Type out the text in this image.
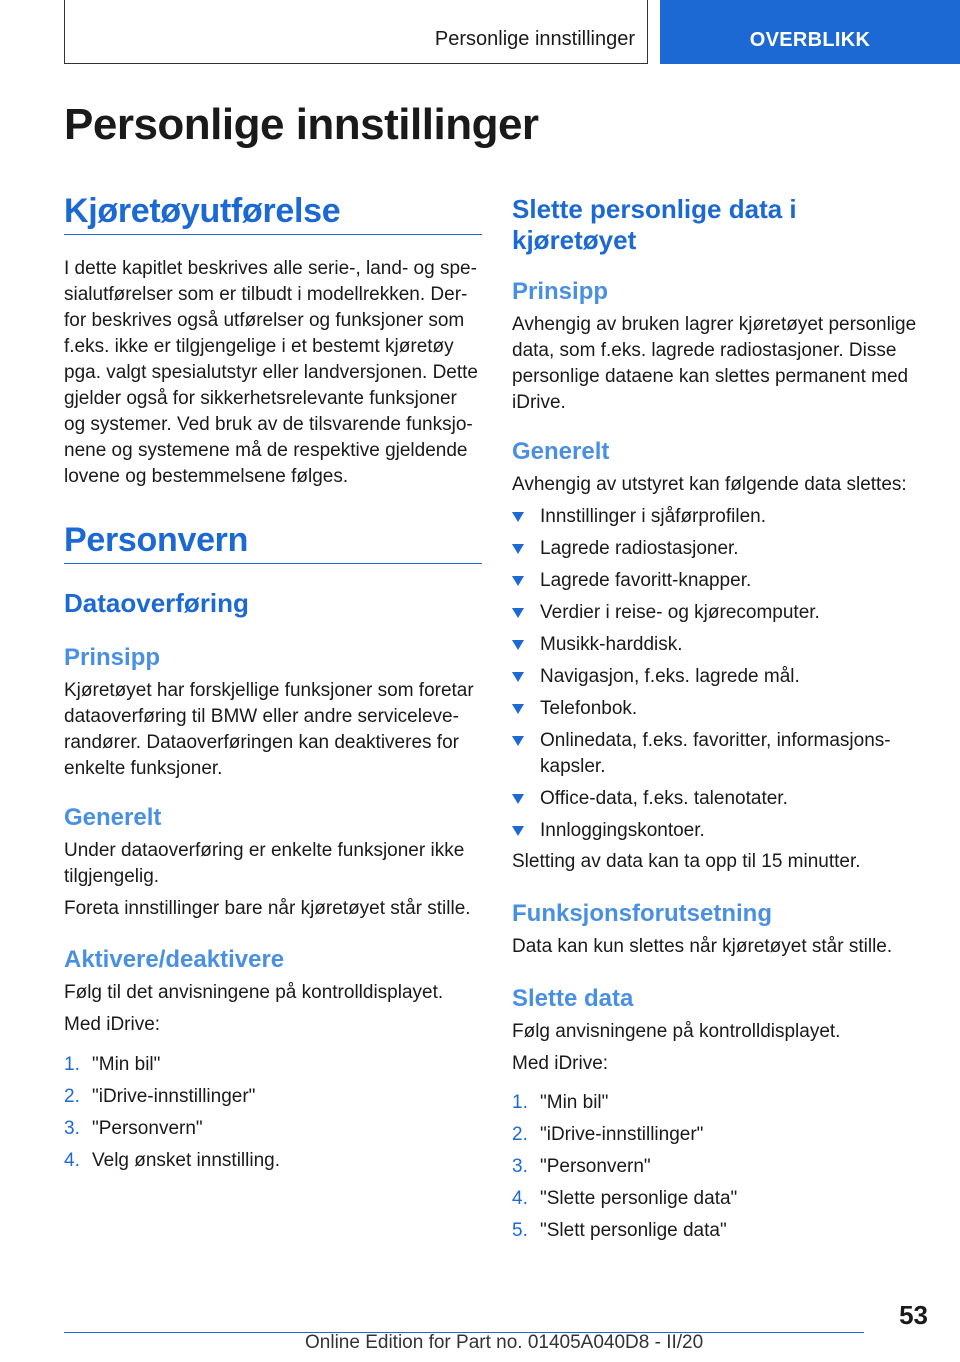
Personlige innstillinger	OVERBLIKK
Personlige innstillinger
Kjøretøyutførelse

I dette kapitlet beskrives alle serie-, land- og spe-
sialutførelser som er tilbudt i modellrekken. Der-
for beskrives også utførelser og funksjoner som
f.eks. ikke er tilgjengelige i et bestemt kjøretøy
pga. valgt spesialutstyr eller landversjonen. Dette
gjelder også for sikkerhetsrelevante funksjoner
og systemer. Ved bruk av de tilsvarende funksjo-
nene og systemene må de respektive gjeldende
lovene og bestemmelsene følges.

Personvern
Dataoverføring
Prinsipp

Kjøretøyet har forskjellige funksjoner som foretar
dataoverføring til BMW eller andre serviceleve-
randører. Dataoverføringen kan deaktiveres for
enkelte funksjoner.

Generelt

Under dataoverføring er enkelte funksjoner ikke
tilgjengelig.

Foreta innstillinger bare når kjøretøyet står stille.

Aktivere/deaktivere

Følg til det anvisningene på kontrolldisplayet.

Med iDrive:

1. "Min bil"
2. "iDrive-innstillinger"
3. "Personvern"
4. Velg ønsket innstilling.
Slette personlige data i
kjøretøyet
Prinsipp

Avhengig av bruken lagrer kjøretøyet personlige
data, som f.eks. lagrede radiostasjoner. Disse
personlige dataene kan slettes permanent med
iDrive.

Generelt

Avhengig av utstyret kan følgende data slettes:

Innstillinger i sjåførprofilen.
Lagrede radiostasjoner.
Lagrede favoritt-knapper.
Verdier i reise- og kjørecomputer.
Musikk-harddisk.
Navigasjon, f.eks. lagrede mål.
Telefonbok.
Onlinedata, f.eks. favoritter, informasjons-
kapsler.
Office-data, f.eks. talenotater.
Innloggingskontoer.

Sletting av data kan ta opp til 15 minutter.

Funksjonsforutsetning

Data kan kun slettes når kjøretøyet står stille.

Slette data

Følg anvisningene på kontrolldisplayet.

Med iDrive:

1. "Min bil"
2. "iDrive-innstillinger"
3. "Personvern"
4. "Slette personlige data"
5. "Slett personlige data"
53
Online Edition for Part no. 01405A040D8 - II/20
